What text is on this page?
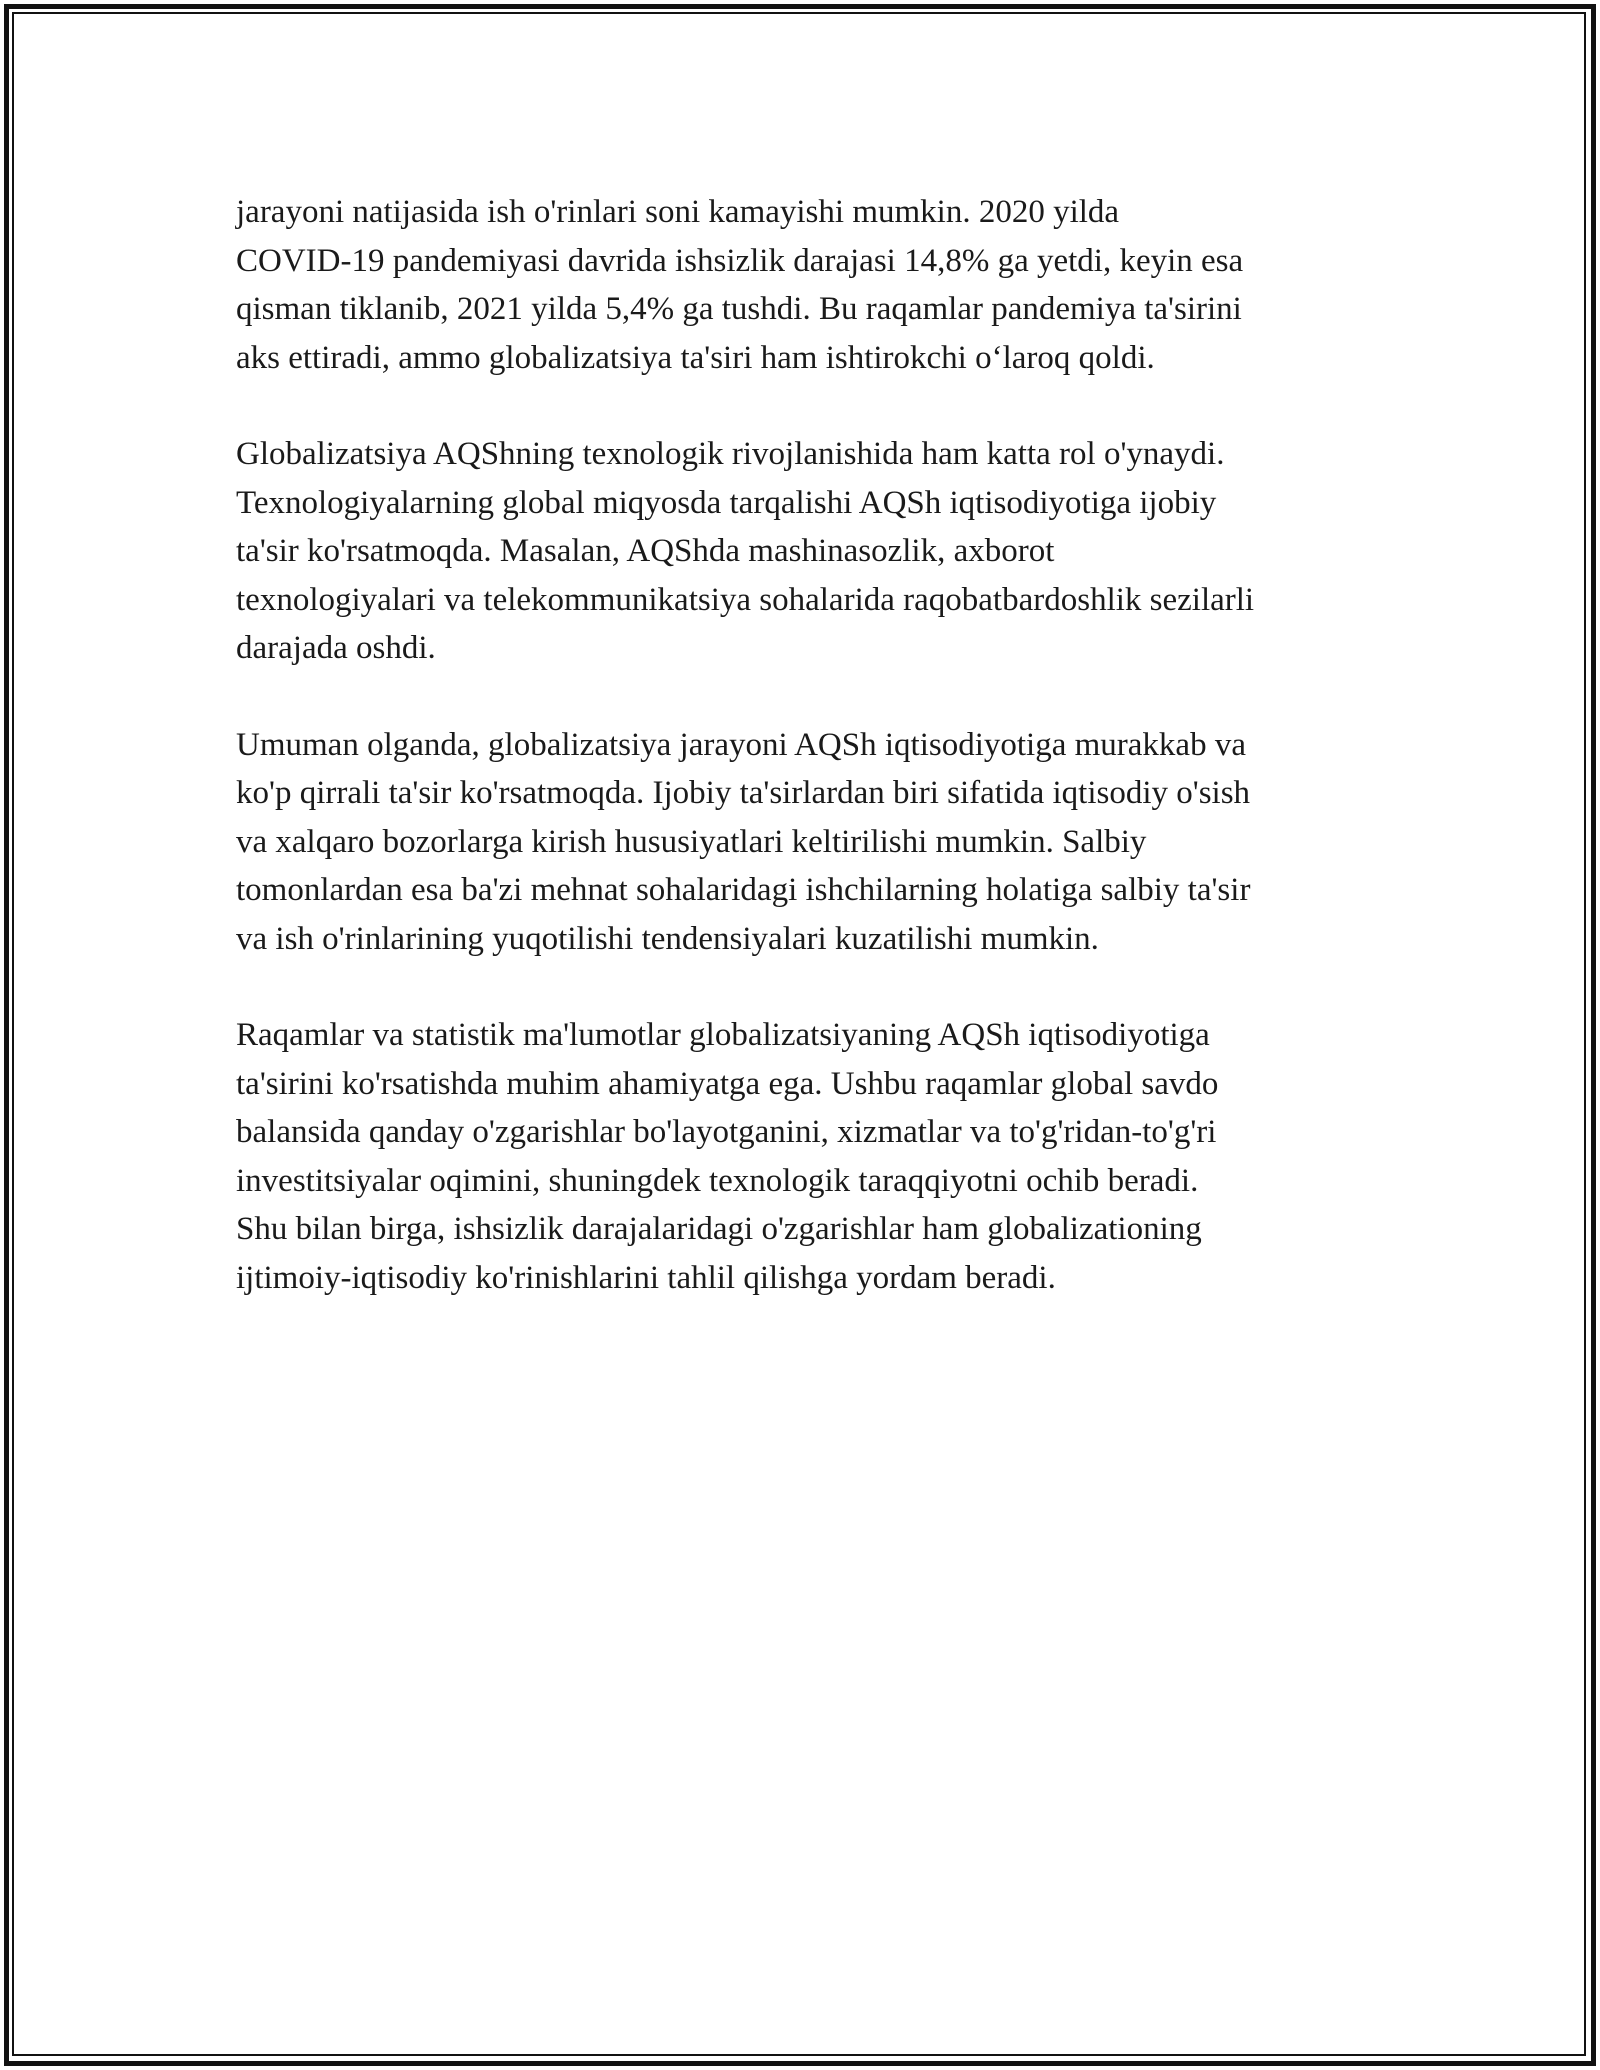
jarayoni natijasida ish o'rinlari soni kamayishi mumkin. 2020 yilda
COVID-19 pandemiyasi davrida ishsizlik darajasi 14,8% ga yetdi, keyin esa
qisman tiklanib, 2021 yilda 5,4% ga tushdi. Bu raqamlar pandemiya ta'sirini
aks ettiradi, ammo globalizatsiya ta'siri ham ishtirokchi o‘laroq qoldi.

Globalizatsiya AQShning texnologik rivojlanishida ham katta rol o'ynaydi.
Texnologiyalarning global miqyosda tarqalishi AQSh iqtisodiyotiga ijobiy
ta'sir ko'rsatmoqda. Masalan, AQShda mashinasozlik, axborot
texnologiyalari va telekommunikatsiya sohalarida raqobatbardoshlik sezilarli
darajada oshdi.

Umuman olganda, globalizatsiya jarayoni AQSh iqtisodiyotiga murakkab va
ko'p qirrali ta'sir ko'rsatmoqda. Ijobiy ta'sirlardan biri sifatida iqtisodiy o'sish
va xalqaro bozorlarga kirish hususiyatlari keltirilishi mumkin. Salbiy
tomonlardan esa ba'zi mehnat sohalaridagi ishchilarning holatiga salbiy ta'sir
va ish o'rinlarining yuqotilishi tendensiyalari kuzatilishi mumkin.

Raqamlar va statistik ma'lumotlar globalizatsiyaning AQSh iqtisodiyotiga
ta'sirini ko'rsatishda muhim ahamiyatga ega. Ushbu raqamlar global savdo
balansida qanday o'zgarishlar bo'layotganini, xizmatlar va to'g'ridan-to'g'ri
investitsiyalar oqimini, shuningdek texnologik taraqqiyotni ochib beradi.
Shu bilan birga, ishsizlik darajalaridagi o'zgarishlar ham globalizationing
ijtimoiy-iqtisodiy ko'rinishlarini tahlil qilishga yordam beradi.
